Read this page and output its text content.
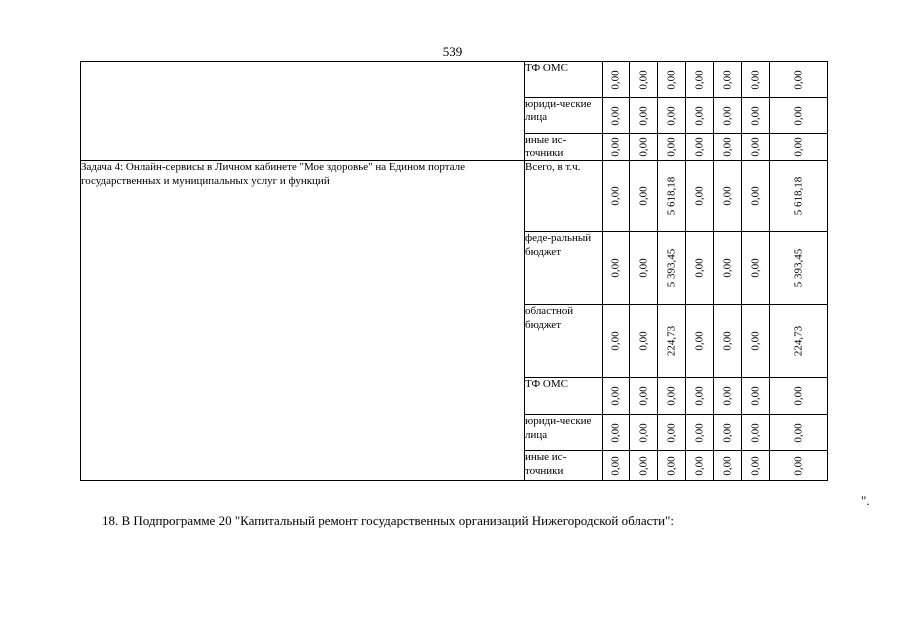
539
	ТФ ОМС	0,00	0,00	0,00	0,00	0,00	0,00	0,00

	юриди-ческие лица	0,00	0,00	0,00	0,00	0,00	0,00	0,00

	иные ис-точники	0,00	0,00	0,00	0,00	0,00	0,00	0,00

Задача 4: Онлайн-сервисы в Личном кабинете "Мое здоровье" на Едином портале государственных и муниципальных услуг и функций	Всего, в т.ч.	0,00	0,00	5 618,18	0,00	0,00	0,00	5 618,18

	феде-ральный бюджет	0,00	0,00	5 393,45	0,00	0,00	0,00	5 393,45

	областной бюджет	0,00	0,00	224,73	0,00	0,00	0,00	224,73

	ТФ ОМС	0,00	0,00	0,00	0,00	0,00	0,00	0,00

	юриди-ческие лица	0,00	0,00	0,00	0,00	0,00	0,00	0,00

	иные ис-точники	0,00	0,00	0,00	0,00	0,00	0,00	0,00
".
18. В Подпрограмме 20 "Капитальный ремонт государственных организаций Нижегородской области":
